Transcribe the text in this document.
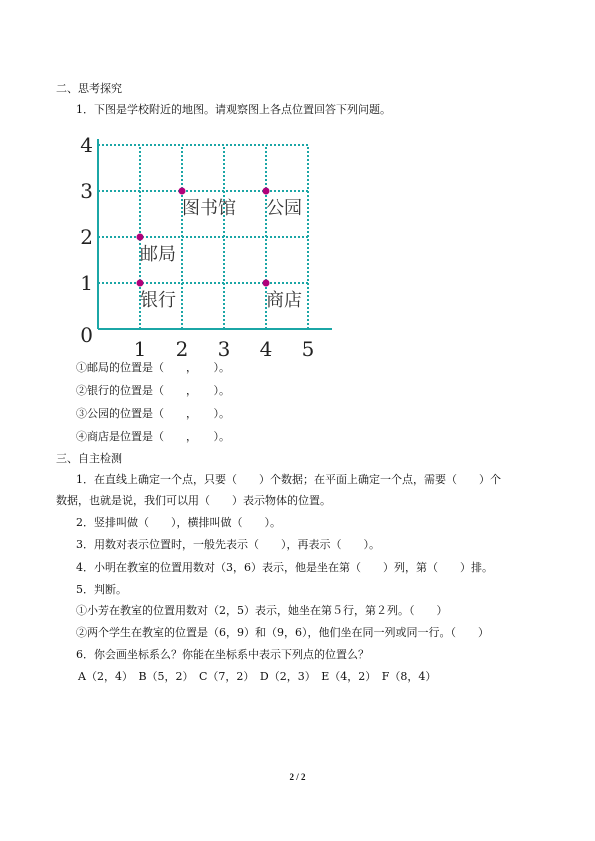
二、思考探究
1．下图是学校附近的地图。请观察图上各点位置回答下列问题。
0
1
2
3
4
1 2 3 4 5
图书馆 公园
邮局
银行	商店
①邮局的位置是（　　，　　）。
②银行的位置是（　　，　　）。
③公园的位置是（　　，　　）。
④商店是位置是（　　，　　）。
三、自主检测
1．在直线上确定一个点，只要（　　）个数据；在平面上确定一个点，需要（　　）个
数据，也就是说，我们可以用（　　）表示物体的位置。
2．竖排叫做（　　），横排叫做（　　）。
3．用数对表示位置时，一般先表示（　　），再表示（　　）。
4．小明在教室的位置用数对（3，6）表示，他是坐在第（　　）列，第（　　）排。
5．判断。
①小芳在教室的位置用数对（2，5）表示，她坐在第５行，第２列。（　　）
②两个学生在教室的位置是（6，9）和（9，6），他们坐在同一列或同一行。（　　）
6．你会画坐标系么？你能在坐标系中表示下列点的位置么？
A（2，4）　B（5，2）　C（7，2）　D（2，3）　E（4，2）　F（8，4）
2 / 2
